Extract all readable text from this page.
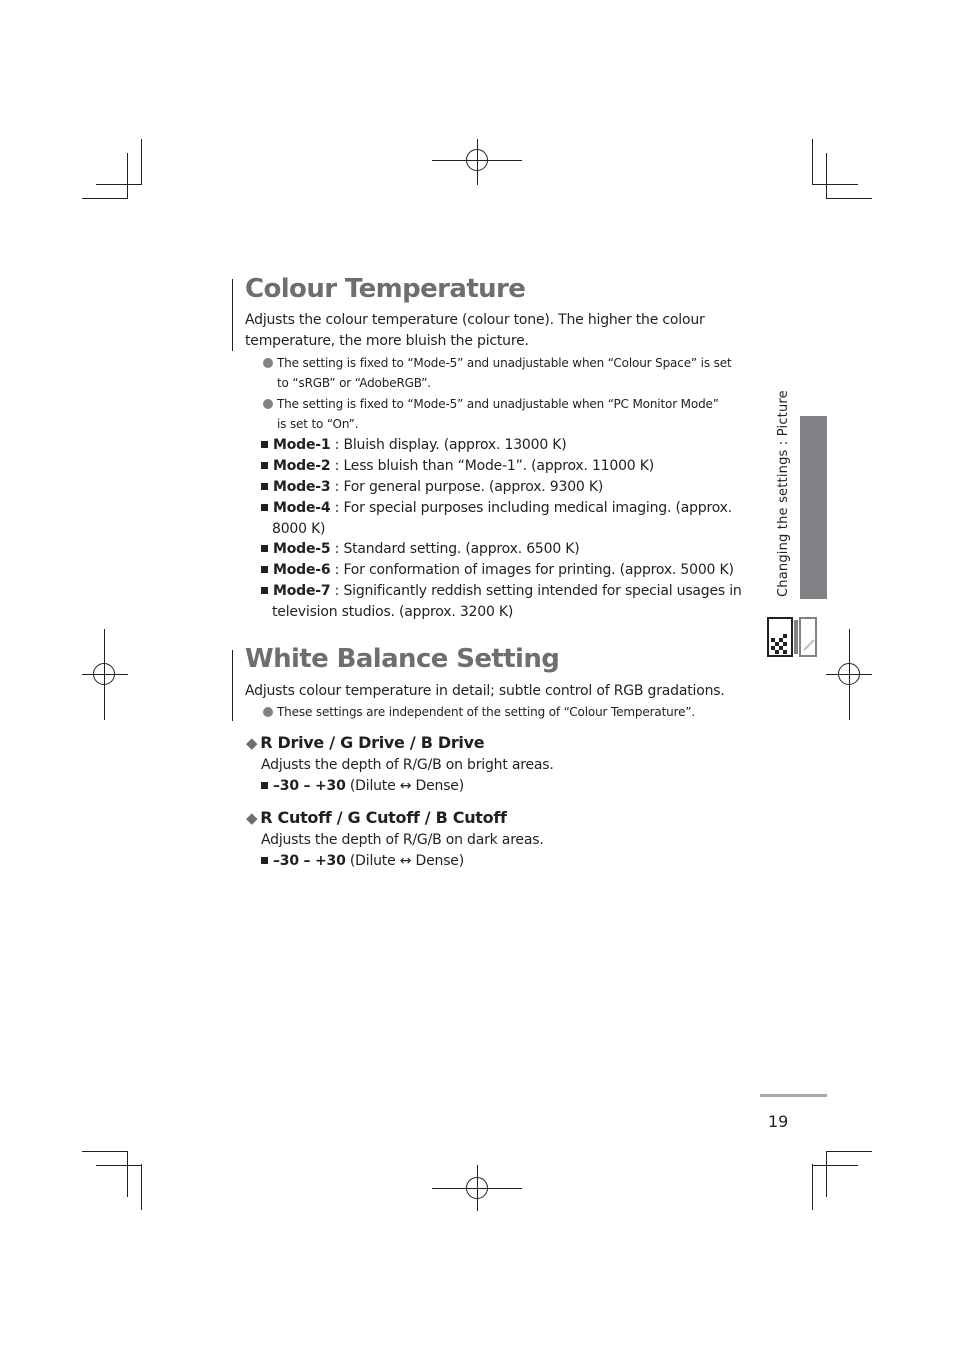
Colour Temperature
Adjusts the colour temperature (colour tone). The higher the colour
temperature, the more bluish the picture.
The setting is fixed to “Mode-5” and unadjustable when “Colour Space” is set
to “sRGB” or “AdobeRGB”.
The setting is fixed to “Mode-5” and unadjustable when “PC Monitor Mode”
is set to “On”.
Mode-1 : Bluish display. (approx. 13000 K)
Mode-2 : Less bluish than “Mode-1”. (approx. 11000 K)
Mode-3 : For general purpose. (approx. 9300 K)
Mode-4 : For special purposes including medical imaging. (approx.
8000 K)
Mode-5 : Standard setting. (approx. 6500 K)
Mode-6 : For conformation of images for printing. (approx. 5000 K)
Mode-7 : Significantly reddish setting intended for special usages in
television studios. (approx. 3200 K)
White Balance Setting
Adjusts colour temperature in detail; subtle control of RGB gradations.
These settings are independent of the setting of “Colour Temperature”.
◆ R Drive / G Drive / B Drive
Adjusts the depth of R/G/B on bright areas.
–30 – +30 (Dilute ↔ Dense)
◆ R Cutoff / G Cutoff / B Cutoff
Adjusts the depth of R/G/B on dark areas.
–30 – +30 (Dilute ↔ Dense)
Changing the settings : Picture
19
